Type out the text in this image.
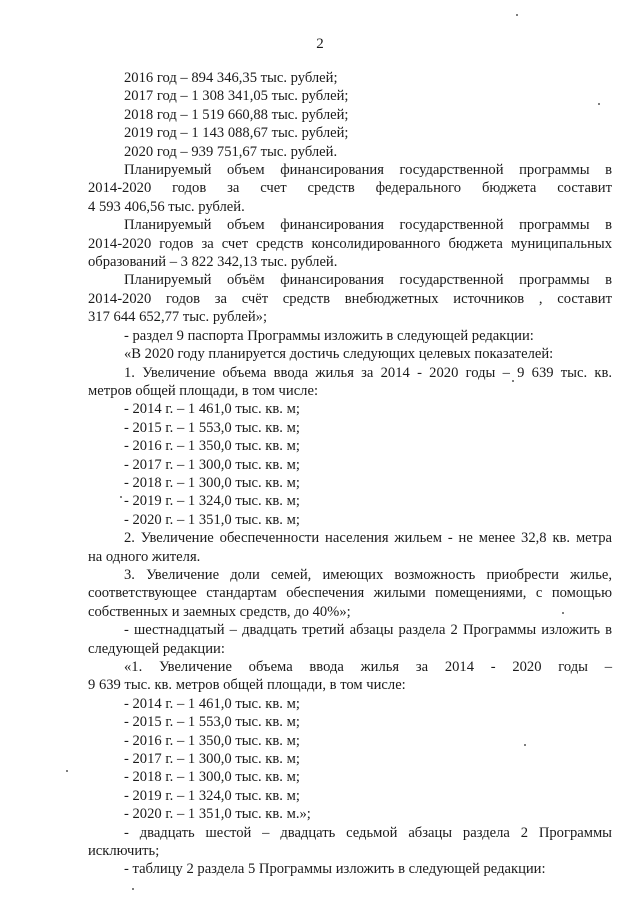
2
2016 год – 894 346,35 тыс. рублей;
2017 год – 1 308 341,05 тыс. рублей;
2018 год – 1 519 660,88 тыс. рублей;
2019 год – 1 143 088,67 тыс. рублей;
2020 год – 939 751,67 тыс. рублей.
Планируемый объем финансирования государственной программы в
2014-2020 годов за счет средств федерального бюджета составит
4 593 406,56 тыс. рублей.
Планируемый объем финансирования государственной программы в
2014-2020 годов за счет средств консолидированного бюджета муниципальных
образований – 3 822 342,13 тыс. рублей.
Планируемый объём финансирования государственной программы в
2014-2020 годов за счёт средств внебюджетных источников , составит
317 644 652,77 тыс. рублей»;
- раздел 9 паспорта Программы изложить в следующей редакции:
«В 2020 году планируется достичь следующих целевых показателей:
1. Увеличение объема ввода жилья за 2014 - 2020 годы – 9 639 тыс. кв.
метров общей площади, в том числе:
- 2014 г. – 1 461,0 тыс. кв. м;
- 2015 г. – 1 553,0 тыс. кв. м;
- 2016 г. – 1 350,0 тыс. кв. м;
- 2017 г. – 1 300,0 тыс. кв. м;
- 2018 г. – 1 300,0 тыс. кв. м;
- 2019 г. – 1 324,0 тыс. кв. м;
- 2020 г. – 1 351,0 тыс. кв. м;
2. Увеличение обеспеченности населения жильем - не менее 32,8 кв. метра
на одного жителя.
3. Увеличение доли семей, имеющих возможность приобрести жилье,
соответствующее стандартам обеспечения жилыми помещениями, с помощью
собственных и заемных средств, до 40%»;
- шестнадцатый – двадцать третий абзацы раздела 2 Программы изложить в
следующей редакции:
«1. Увеличение объема ввода жилья за 2014 - 2020 годы –
9 639 тыс. кв. метров общей площади, в том числе:
- 2014 г. – 1 461,0 тыс. кв. м;
- 2015 г. – 1 553,0 тыс. кв. м;
- 2016 г. – 1 350,0 тыс. кв. м;
- 2017 г. – 1 300,0 тыс. кв. м;
- 2018 г. – 1 300,0 тыс. кв. м;
- 2019 г. – 1 324,0 тыс. кв. м;
- 2020 г. – 1 351,0 тыс. кв. м.»;
- двадцать шестой – двадцать седьмой абзацы раздела 2 Программы
исключить;
- таблицу 2 раздела 5 Программы изложить в следующей редакции:
